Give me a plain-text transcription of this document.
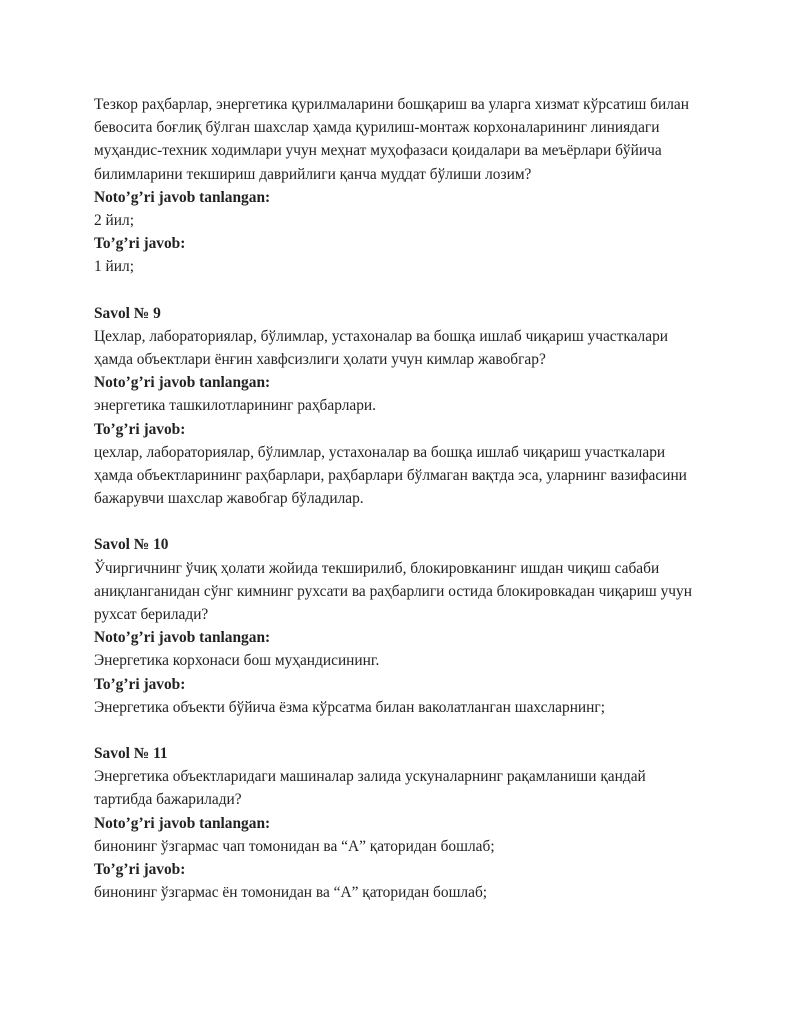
Тезкор раҳбарлар, энергетика қурилмаларини бошқариш ва уларга хизмат кўрсатиш билан

бевосита боғлиқ бўлган шахслар ҳамда қурилиш-монтаж корхоналарининг линиядаги

муҳандис-техник ходимлари учун меҳнат муҳофазаси қоидалари ва меъёрлари бўйича

билимларини текшириш даврийлиги қанча муддат бўлиши лозим?

Noto’g’ri javob tanlangan:

2 йил;

To’g’ri javob:

1 йил;

Savol № 9

Цехлар, лабораториялар, бўлимлар, устахоналар ва бошқа ишлаб чиқариш участкалари

ҳамда объектлари ёнғин хавфсизлиги ҳолати учун кимлар жавобгар?

Noto’g’ri javob tanlangan:

энергетика ташкилотларининг раҳбарлари.

To’g’ri javob:

цехлар, лабораториялар, бўлимлар, устахоналар ва бошқа ишлаб чиқариш участкалари

ҳамда объектларининг раҳбарлари, раҳбарлари бўлмаган вақтда эса, уларнинг вазифасини

бажарувчи шахслар жавобгар бўладилар.

Savol № 10

Ўчиргичнинг ўчиқ ҳолати жойида текширилиб, блокировканинг ишдан чиқиш сабаби

аниқланганидан сўнг кимнинг рухсати ва раҳбарлиги остида блокировкадан чиқариш учун

рухсат берилади?

Noto’g’ri javob tanlangan:

Энергетика корхонаси бош муҳандисининг.

To’g’ri javob:

Энергетика объекти бўйича ёзма кўрсатма билан ваколатланган шахсларнинг;

Savol № 11

Энергетика объектларидаги машиналар залида ускуналарнинг рақамланиши қандай

тартибда бажарилади?

Noto’g’ri javob tanlangan:

бинонинг ўзгармас чап томонидан ва “А” қаторидан бошлаб;

To’g’ri javob:

бинонинг ўзгармас ён томонидан ва “А” қаторидан бошлаб;
